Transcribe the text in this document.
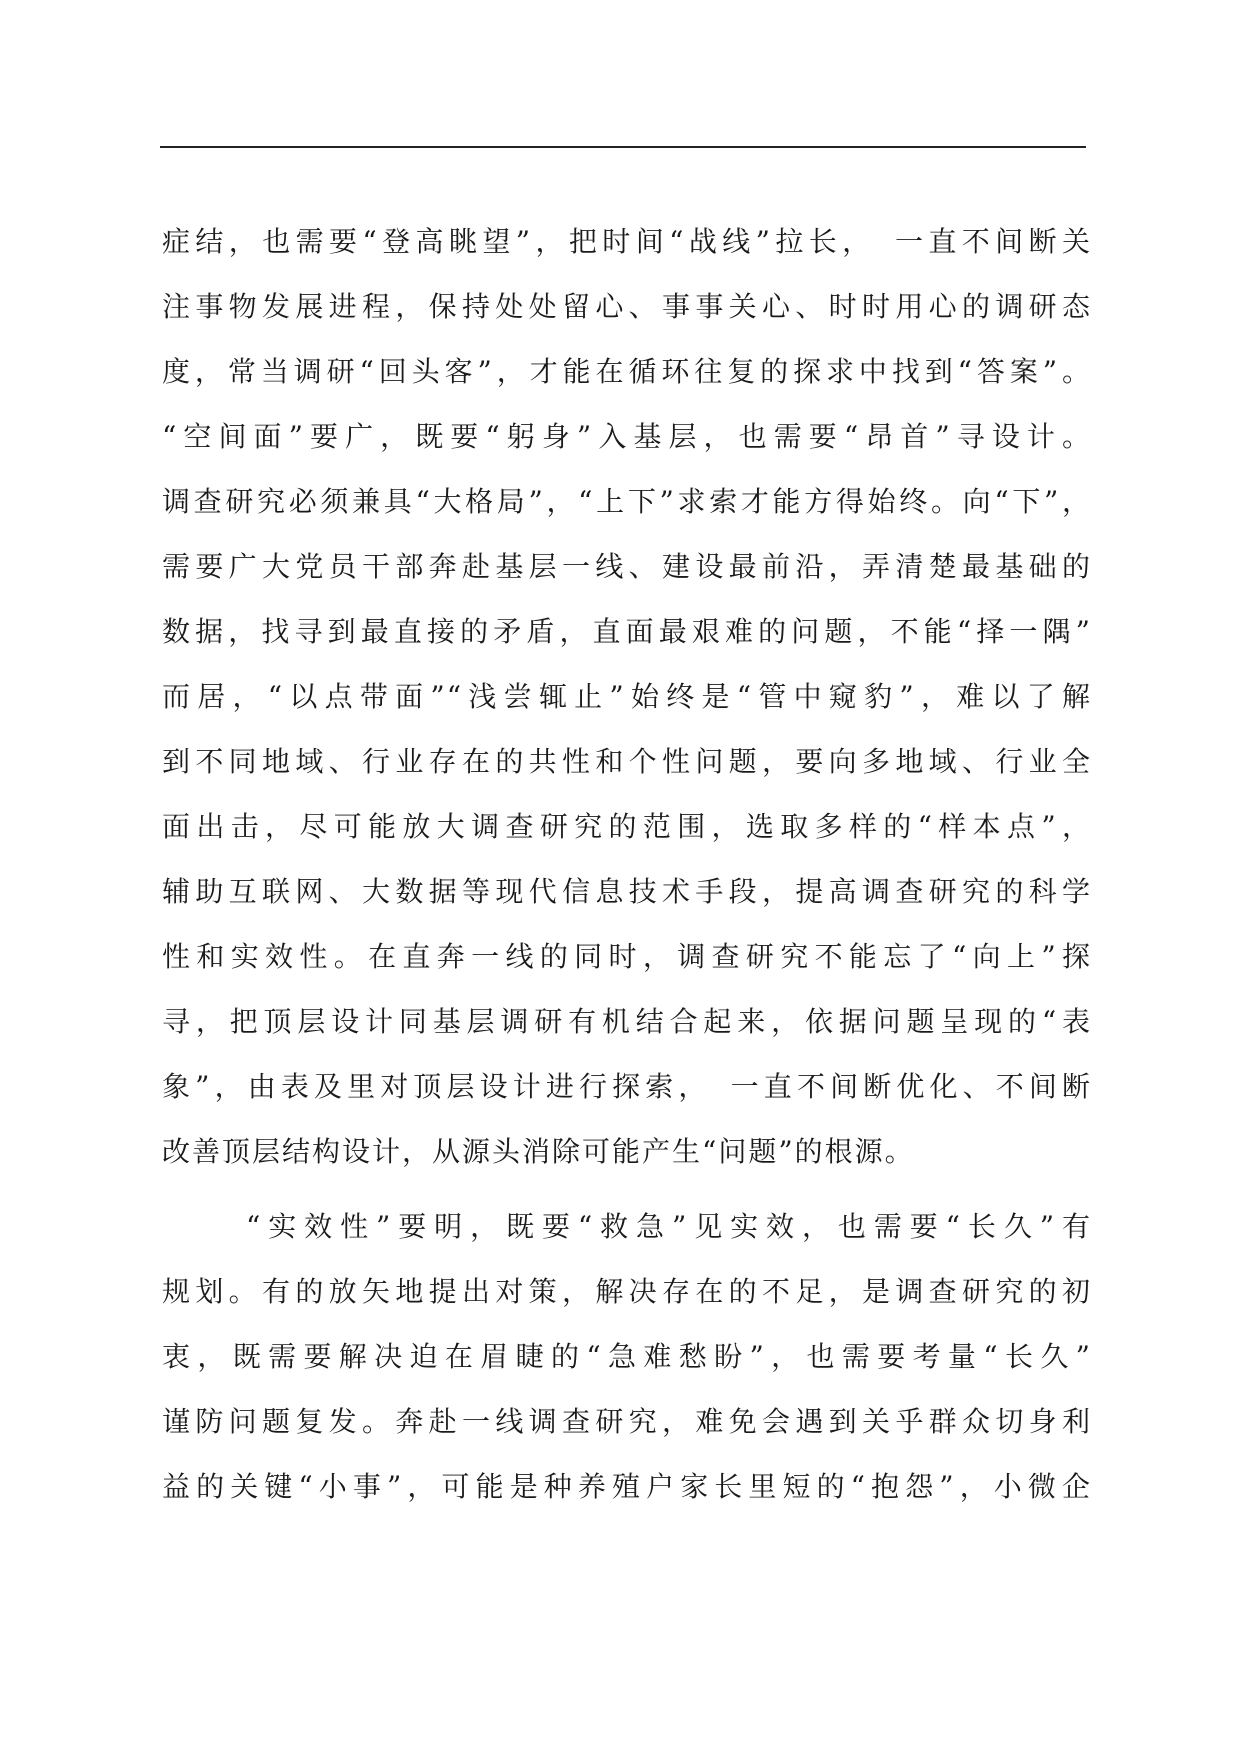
症结，也需要“登高眺望”，把时间“战线”拉长，　一直不间断关
注事物发展进程，保持处处留心、事事关心、时时用心的调研态
度，常当调研“回头客”，才能在循环往复的探求中找到“答案”。
“空间面”要广，既要“躬身”入基层，也需要“昂首”寻设计。
调查研究必须兼具“大格局”，“上下”求索才能方得始终。向“下”，
需要广大党员干部奔赴基层一线、建设最前沿，弄清楚最基础的
数据，找寻到最直接的矛盾，直面最艰难的问题，不能“择一隅”
而居，“以点带面”“浅尝辄止”始终是“管中窥豹”，难以了解
到不同地域、行业存在的共性和个性问题，要向多地域、行业全
面出击，尽可能放大调查研究的范围，选取多样的“样本点”，
辅助互联网、大数据等现代信息技术手段，提高调查研究的科学
性和实效性。在直奔一线的同时，调查研究不能忘了“向上”探
寻，把顶层设计同基层调研有机结合起来，依据问题呈现的“表
象”，由表及里对顶层设计进行探索，　一直不间断优化、不间断
改善顶层结构设计，从源头消除可能产生“问题”的根源。
“实效性”要明，既要“救急”见实效，也需要“长久”有
规划。有的放矢地提出对策，解决存在的不足，是调查研究的初
衷，既需要解决迫在眉睫的“急难愁盼”，也需要考量“长久”
谨防问题复发。奔赴一线调查研究，难免会遇到关乎群众切身利
益的关键“小事”，可能是种养殖户家长里短的“抱怨”，小微企
